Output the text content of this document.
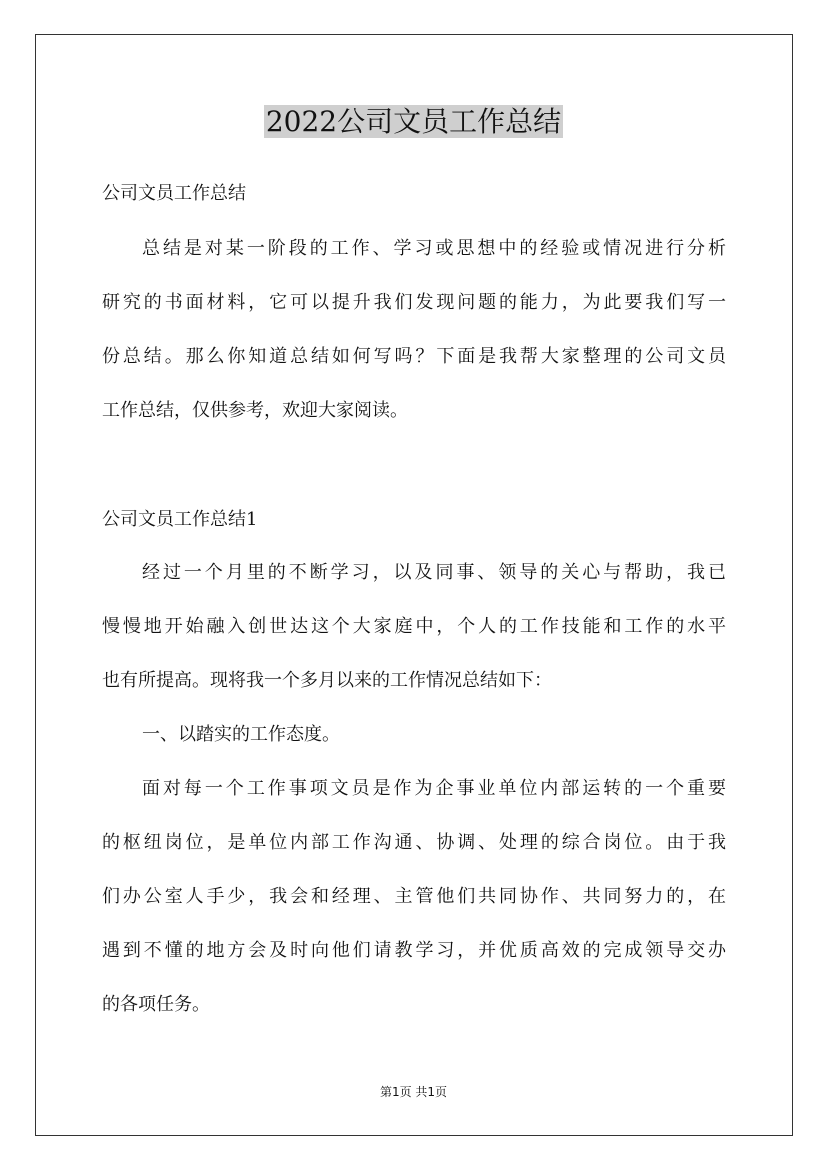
2022公司文员工作总结
公司文员工作总结
总结是对某一阶段的工作、学习或思想中的经验或情况进行分析
研究的书面材料，它可以提升我们发现问题的能力，为此要我们写一
份总结。那么你知道总结如何写吗？下面是我帮大家整理的公司文员
工作总结，仅供参考，欢迎大家阅读。
公司文员工作总结1
经过一个月里的不断学习，以及同事、领导的关心与帮助，我已
慢慢地开始融入创世达这个大家庭中，个人的工作技能和工作的水平
也有所提高。现将我一个多月以来的工作情况总结如下：
一、以踏实的工作态度。
面对每一个工作事项文员是作为企事业单位内部运转的一个重要
的枢纽岗位，是单位内部工作沟通、协调、处理的综合岗位。由于我
们办公室人手少，我会和经理、主管他们共同协作、共同努力的，在
遇到不懂的地方会及时向他们请教学习，并优质高效的完成领导交办
的各项任务。
第1页 共1页
